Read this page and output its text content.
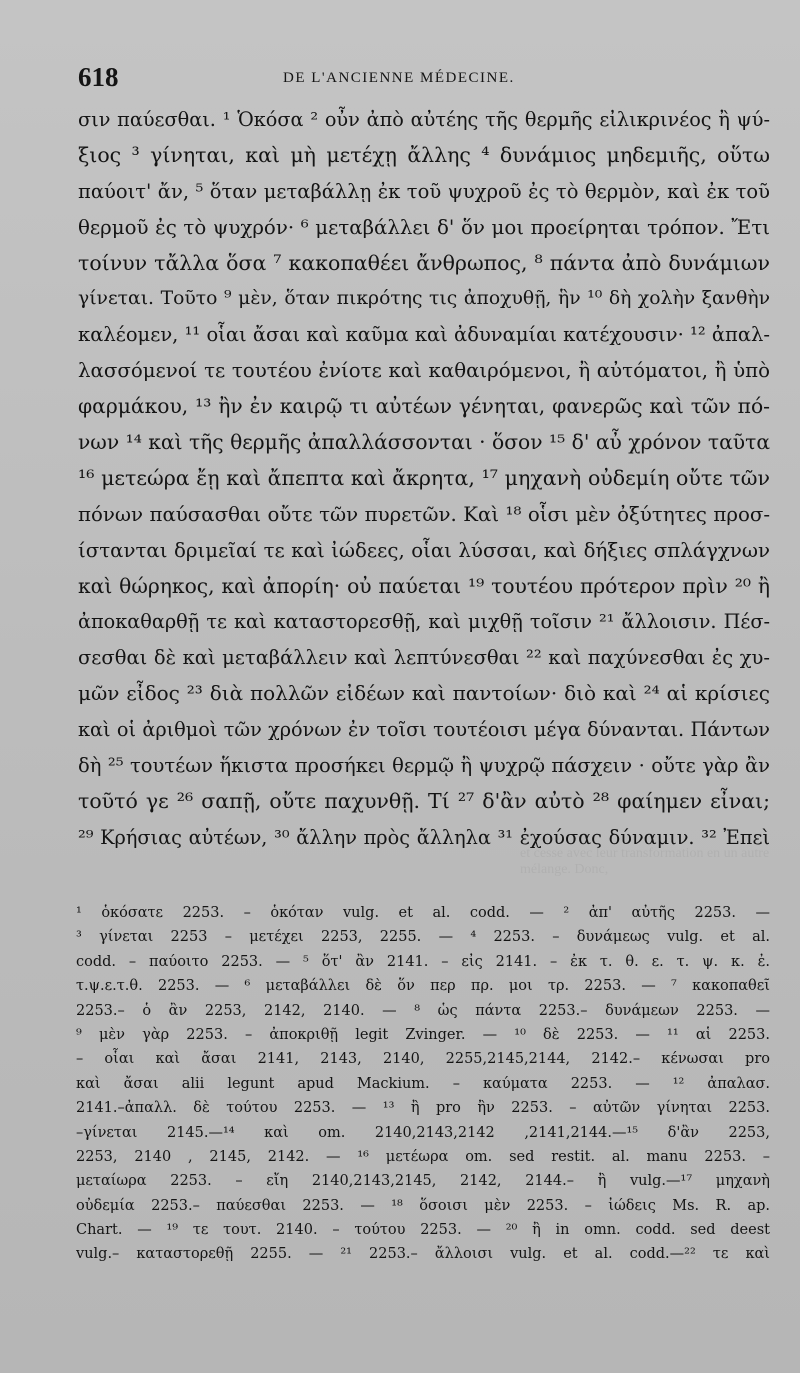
618	DE L'ANCIENNE MÉDECINE.
σιν παύεσθαι. ¹ Ὁκόσα ² οὖν ἀπὸ αὐτέης τῆς θερμῆς εἰλικρινέος ἢ ψύ-
ξιος ³ γίνηται, καὶ μὴ μετέχῃ ἄλλης ⁴ δυνάμιος μηδεμιῆς, οὕτω
παύοιτ' ἄν, ⁵ ὅταν μεταβάλλῃ ἐκ τοῦ ψυχροῦ ἐς τὸ θερμὸν, καὶ ἐκ τοῦ
θερμοῦ ἐς τὸ ψυχρόν· ⁶ μεταβάλλει δ' ὅν μοι προείρηται τρόπον. Ἔτι
τοίνυν τἄλλα ὅσα ⁷ κακοπαθέει ἄνθρωπος, ⁸ πάντα ἀπὸ δυνάμιων
γίνεται. Τοῦτο ⁹ μὲν, ὅταν πικρότης τις ἀποχυθῇ, ἣν ¹⁰ δὴ χολὴν ξανθὴν
καλέομεν, ¹¹ οἷαι ἄσαι καὶ καῦμα καὶ ἀδυναμίαι κατέχουσιν· ¹² ἀπαλ-
λασσόμενοί τε τουτέου ἐνίοτε καὶ καθαιρόμενοι, ἢ αὐτόματοι, ἢ ὑπὸ
φαρμάκου, ¹³ ἢν ἐν καιρῷ τι αὐτέων γένηται, φανερῶς καὶ τῶν πό-
νων ¹⁴ καὶ τῆς θερμῆς ἀπαλλάσσονται · ὅσον ¹⁵ δ' αὖ χρόνον ταῦτα
¹⁶ μετεώρα ἔῃ καὶ ἄπεπτα καὶ ἄκρητα, ¹⁷ μηχανὴ οὐδεμίη οὔτε τῶν
πόνων παύσασθαι οὔτε τῶν πυρετῶν. Καὶ ¹⁸ οἷσι μὲν ὀξύτητες προσ-
ίστανται δριμεῖαί τε καὶ ἰώδεες, οἷαι λύσσαι, καὶ δήξιες σπλάγχνων
καὶ θώρηκος, καὶ ἀπορίη· οὐ παύεται ¹⁹ τουτέου πρότερον πρὶν ²⁰ ἢ
ἀποκαθαρθῇ τε καὶ καταστορεσθῇ, καὶ μιχθῇ τοῖσιν ²¹ ἄλλοισιν. Πέσ-
σεσθαι δὲ καὶ μεταβάλλειν καὶ λεπτύνεσθαι ²² καὶ παχύνεσθαι ἐς χυ-
μῶν εἶδος ²³ διὰ πολλῶν εἰδέων καὶ παντοίων· διὸ καὶ ²⁴ αἱ κρίσιες
καὶ οἱ ἀριθμοὶ τῶν χρόνων ἐν τοῖσι τουτέοισι μέγα δύνανται. Πάντων
δὴ ²⁵ τουτέων ἥκιστα προσήκει θερμῷ ἢ ψυχρῷ πάσχειν · οὔτε γὰρ ἂν
τοῦτό γε ²⁶ σαπῇ, οὔτε παχυνθῇ. Τί ²⁷ δ'ἂν αὐτὸ ²⁸ φαίημεν εἶναι;
²⁹ Κρήσιας αὐτέων, ³⁰ ἄλλην πρὸς ἄλληλα ³¹ ἐχούσας δύναμιν. ³² Ἐπεὶ
et cesse avec leur transformation en un autre mélange. Donc,
¹ ὁκόσατε 2253. – ὁκόταν vulg. et al. codd. — ² ἀπ' αὐτῆς 2253. —
³ γίνεται 2253 – μετέχει 2253, 2255. — ⁴ 2253. – δυνάμεως vulg. et al.
codd. – παύοιτο 2253. — ⁵ ὅτ' ἂν 2141. – εἰς 2141. – ἐκ τ. θ. ε. τ. ψ. κ. ἐ.
τ.ψ.ε.τ.θ. 2253. — ⁶ μεταβάλλει δὲ ὅν περ πρ. μοι τρ. 2253. — ⁷ κακοπαθεῖ
2253.– ὁ ἂν 2253, 2142, 2140. — ⁸ ὡς πάντα 2253.– δυνάμεων 2253. —
⁹ μὲν γὰρ 2253. – ἀποκριθῇ legit Zvinger. — ¹⁰ δὲ 2253. — ¹¹ αἱ 2253.
– οἷαι καὶ ἄσαι 2141, 2143, 2140, 2255,2145,2144, 2142.– κένωσαι pro
καὶ ἄσαι alii legunt apud Mackium. – καύματα 2253. — ¹² ἀπαλασ.
2141.–ἀπαλλ. δὲ τούτου 2253. — ¹³ ἢ pro ἢν 2253. – αὐτῶν γίνηται 2253.
–γίνεται 2145.—¹⁴ καὶ om. 2140,2143,2142 ,2141,2144.—¹⁵ δ'ἂν 2253,
2253, 2140 , 2145, 2142. — ¹⁶ μετέωρα om. sed restit. al. manu 2253. –
μεταίωρα 2253. – εἴη 2140,2143,2145, 2142, 2144.– ἢ vulg.—¹⁷ μηχανὴ
οὐδεμία 2253.– παύεσθαι 2253. — ¹⁸ ὅσοισι μὲν 2253. – ἰώδεις Ms. R. ap.
Chart. — ¹⁹ τε τουτ. 2140. – τούτου 2253. — ²⁰ ἢ in omn. codd. sed deest
vulg.– καταστορεθῇ 2255. — ²¹ 2253.– ἄλλοισι vulg. et al. codd.—²² τε καὶ
